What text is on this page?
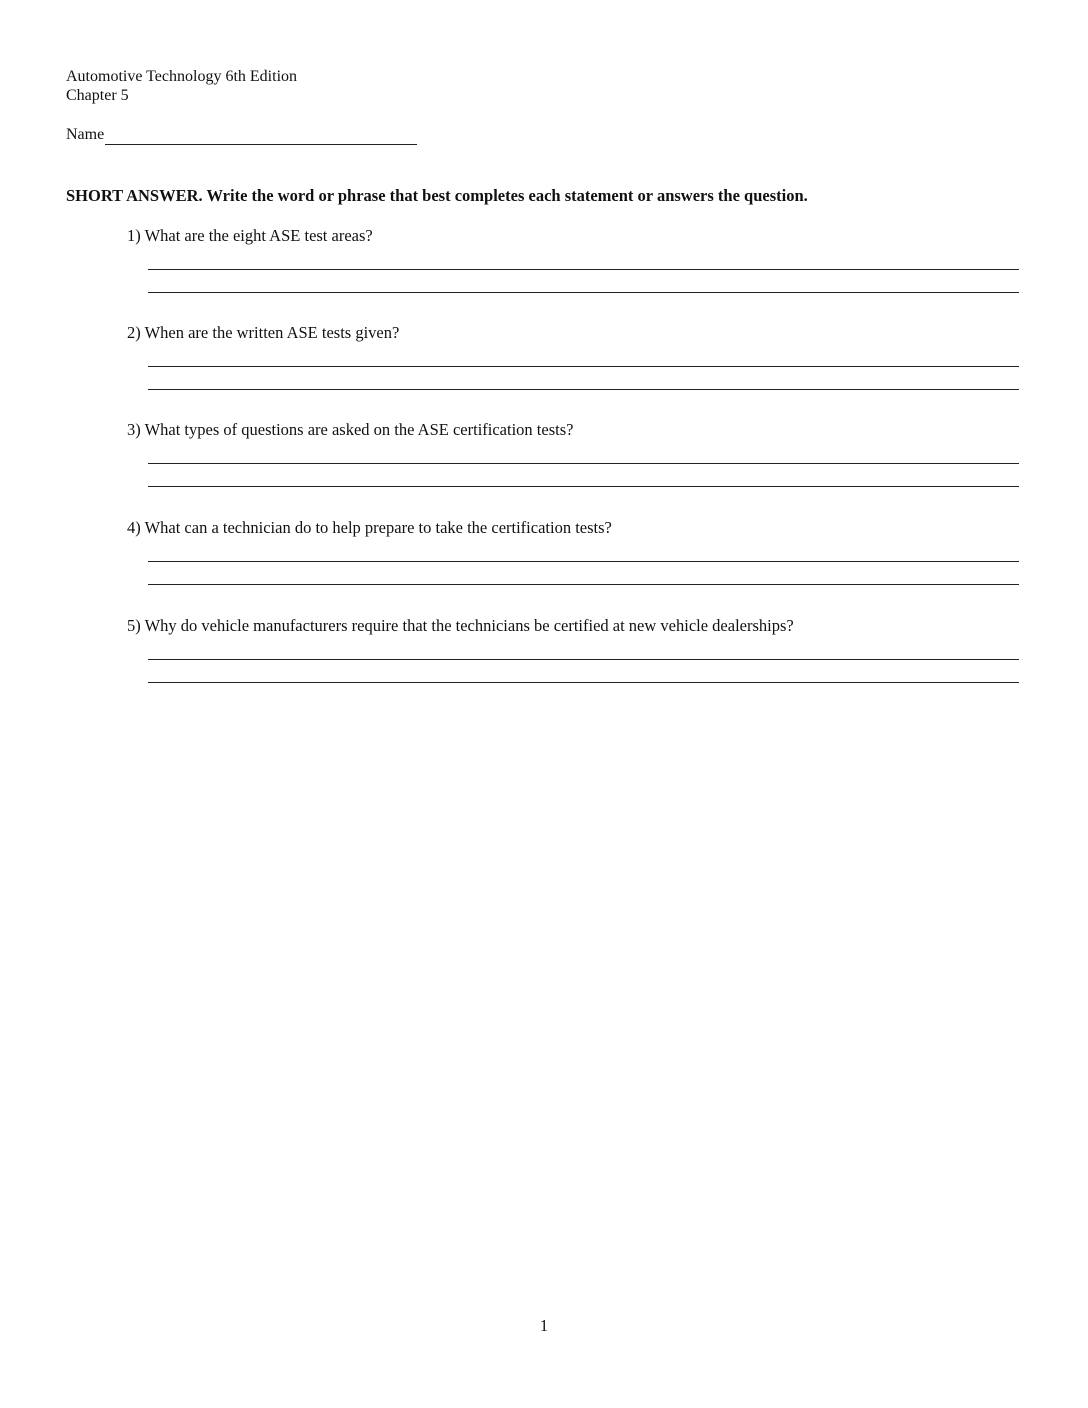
Automotive Technology 6th Edition
Chapter 5
Name
SHORT ANSWER. Write the word or phrase that best completes each statement or answers the question.
1) What are the eight ASE test areas?
2) When are the written ASE tests given?
3) What types of questions are asked on the ASE certification tests?
4) What can a technician do to help prepare to take the certification tests?
5) Why do vehicle manufacturers require that the technicians be certified at new vehicle dealerships?
1
